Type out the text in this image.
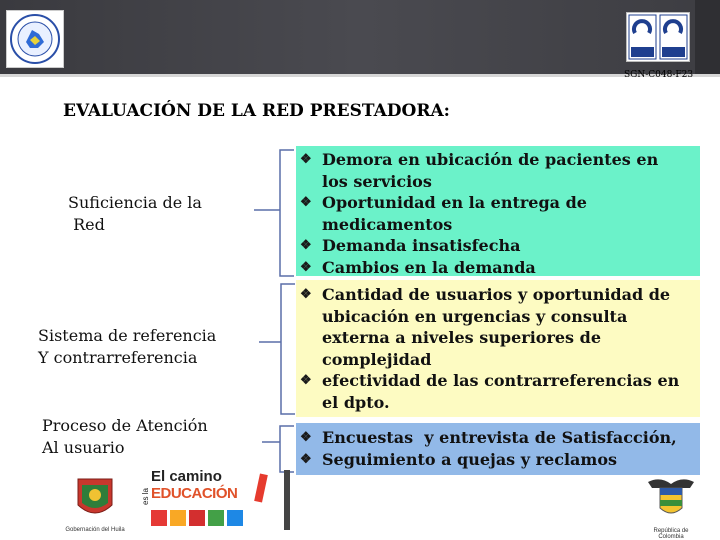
SGN-C048-F23
EVALUACIÓN DE LA RED PRESTADORA:
Suficiencia de la
Red
Sistema de referencia
Y contrarreferencia
Proceso de Atención
Al usuario
❖ Demora en ubicación de pacientes en
los servicios
❖ Oportunidad en la entrega de
medicamentos
❖ Demanda insatisfecha
❖ Cambios en la demanda
❖ Cantidad de usuarios y oportunidad de
ubicación en urgencias y consulta
externa a niveles superiores de
complejidad
❖ efectividad de las contrarreferencias en
el dpto.
❖ Encuestas  y entrevista de Satisfacción,
❖ Seguimiento a quejas y reclamos
Gobernación del Huila
El camino
es la EDUCACIÓN
República de Colombia
